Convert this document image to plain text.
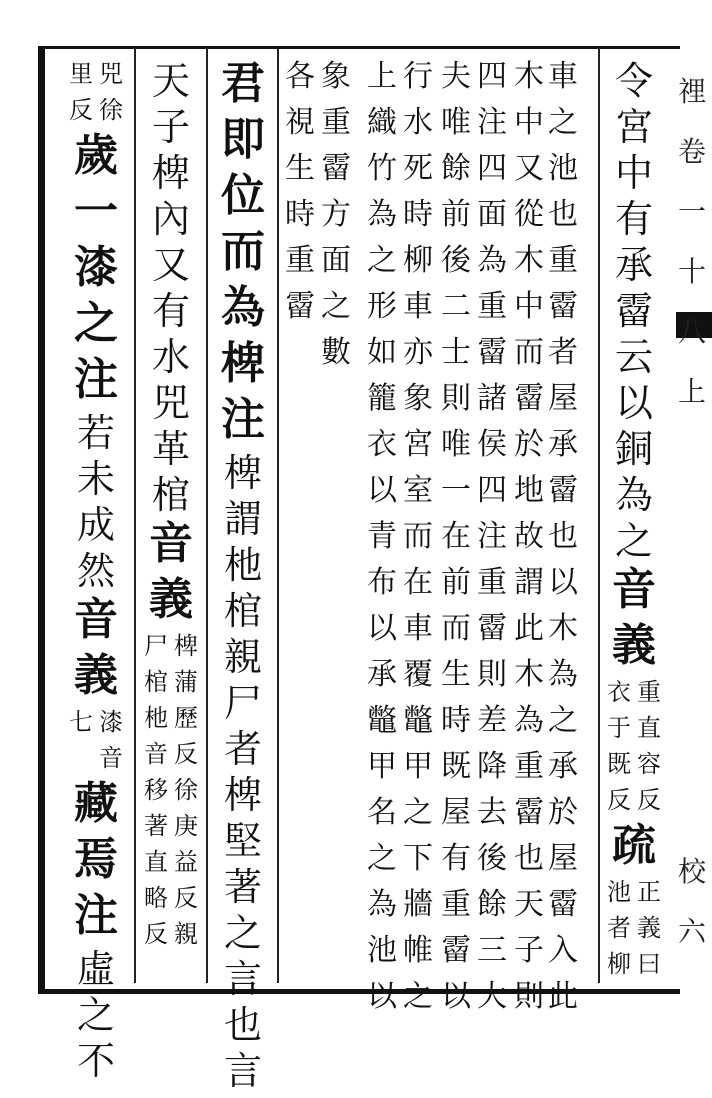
𥚃
卷
一
十
八
上
校
六
令
宮
中
有
承
霤
云
以
銅
為
之
音
義
重
直
容
反
衣
于
既
反
疏
正
義
曰
池
者
柳
車
之
池
也
重
霤
者
屋
承
霤
也
以
木
為
之
承
於
屋
霤
入
此
木
中
又
從
木
中
而
霤
於
地
故
謂
此
木
為
重
霤
也
天
子
則
四
注
四
面
為
重
霤
諸
侯
四
注
重
霤
則
差
降
去
後
餘
三
大
夫
唯
餘
前
後
二
士
則
唯
一
在
前
而
生
時
既
屋
有
重
霤
以
行
水
死
時
柳
車
亦
象
宮
室
而
在
車
覆
鼈
甲
之
下
牆
帷
之
上
織
竹
為
之
形
如
籠
衣
以
青
布
以
承
鼈
甲
名
之
為
池
以
象
重
霤
方
面
之
數
各
視
生
時
重
霤
君
即
位
而
為
椑
注
椑
謂
杝
棺
親
尸
者
椑
堅
著
之
言
也
言
天
子
椑
內
又
有
水
兕
革
棺
音
義
椑
蒲
歷
反
徐
庚
益
反
親
尸
棺
杝
音
移
著
直
略
反
兕
徐
里
反
歲
一
漆
之
注
若
未
成
然
音
義
漆
音
七
藏
焉
注
虛
之
不
